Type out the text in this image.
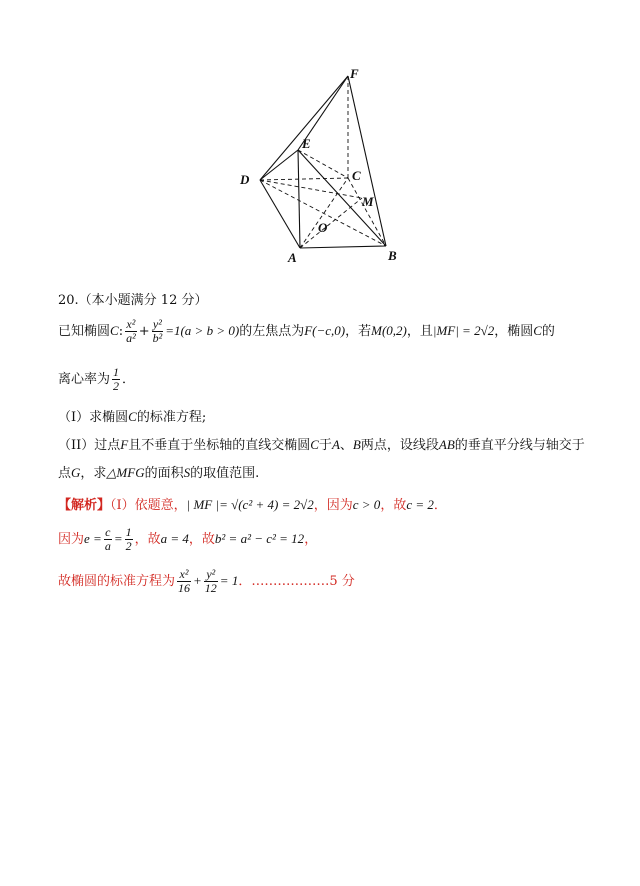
F
E
D	C
M
O
A	B
20.（本小题满分 12 分）
已知椭圆C: $\frac{\text{x²}}{\text{a²}} + \frac{\text{y²}}{\text{b²}} =1(a > b > 0)$的左焦点为F(−c,0)，若M(0,2)，且|MF| = 2√2，椭圆C的
离心率为 $\frac{1}{2}$ ．
（I）求椭圆C的标准方程;
（II）过点F且不垂直于坐标轴的直线交椭圆C于A、B两点，设线段AB的垂直平分线与轴交于
点G，求△MFG的面积S的取值范围.
【解析】（I）依题意，| MF |= √(c² + 4) = 2√2，因为c > 0，故c = 2．
因为$e = \frac{c}{a} = \frac{1}{2}$ ，故a = 4，故b² = a² − c² = 12，
故椭圆的标准方程为 $\frac{\text{x²}}{16} + \frac{\text{y²}}{12} = 1$．………………5 分
